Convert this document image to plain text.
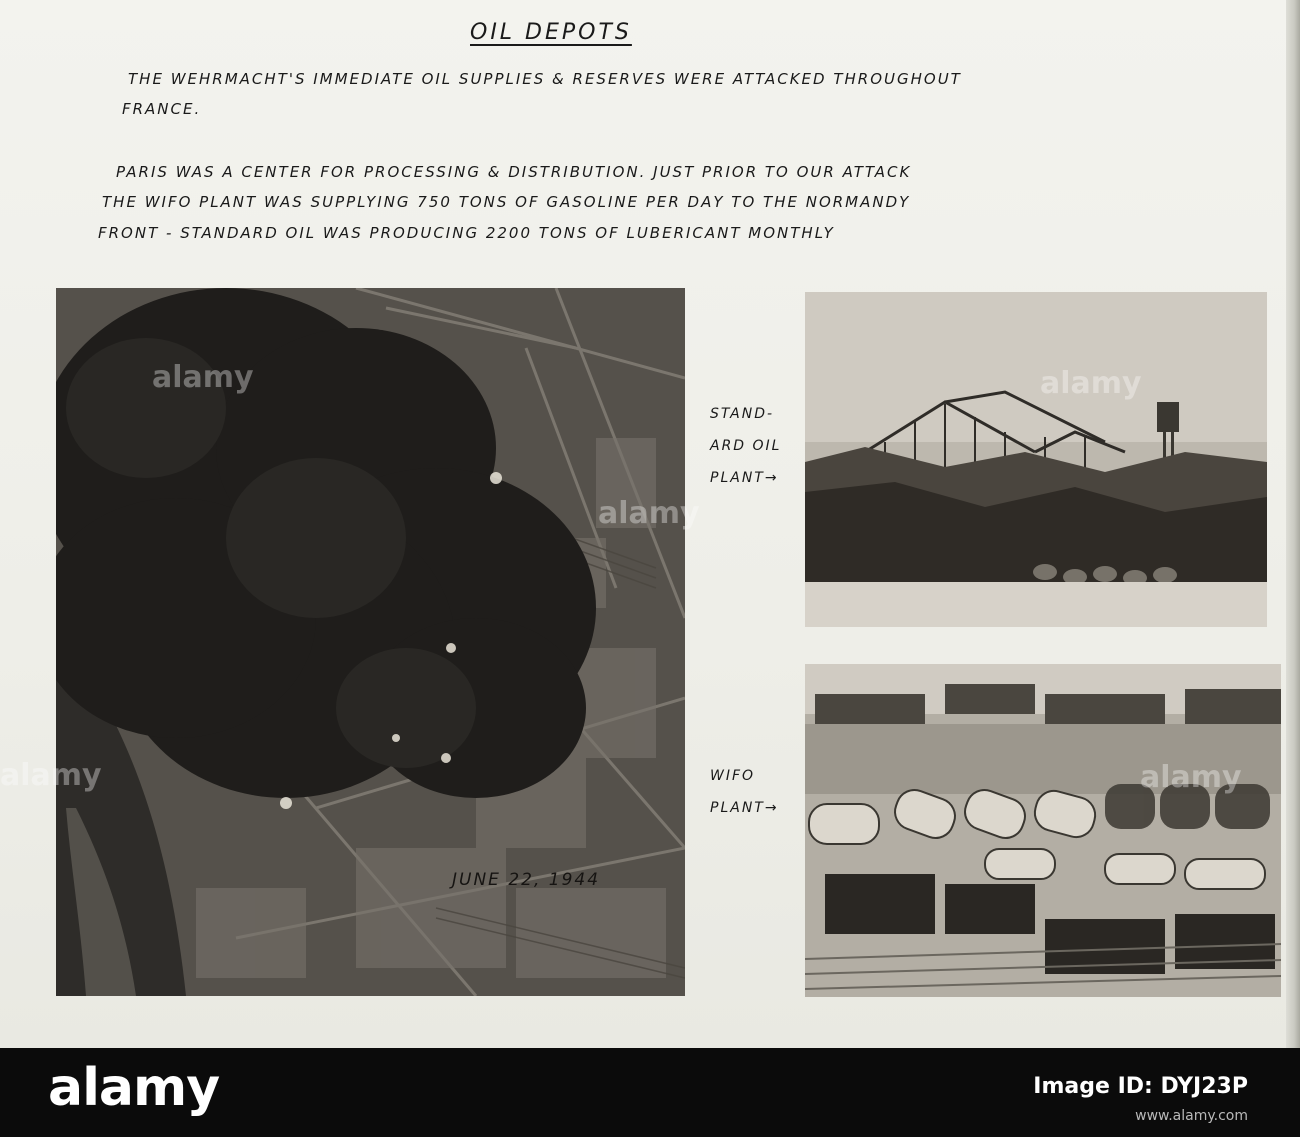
OIL DEPOTS
THE WEHRMACHT'S IMMEDIATE OIL SUPPLIES & RESERVES WERE ATTACKED THROUGHOUT
FRANCE.
PARIS WAS A CENTER FOR PROCESSING & DISTRIBUTION. JUST PRIOR TO OUR ATTACK
THE WIFO PLANT WAS SUPPLYING 750 TONS OF GASOLINE PER DAY TO THE NORMANDY
FRONT - STANDARD OIL WAS PRODUCING 2200 TONS OF LUBERICANT MONTHLY
JUNE 22, 1944
STAND-
ARD OIL
PLANT→
WIFO
PLANT→
alamy	alamy
alamy
alamy	alamy
alamy	Image ID: DYJ23P
www.alamy.com
